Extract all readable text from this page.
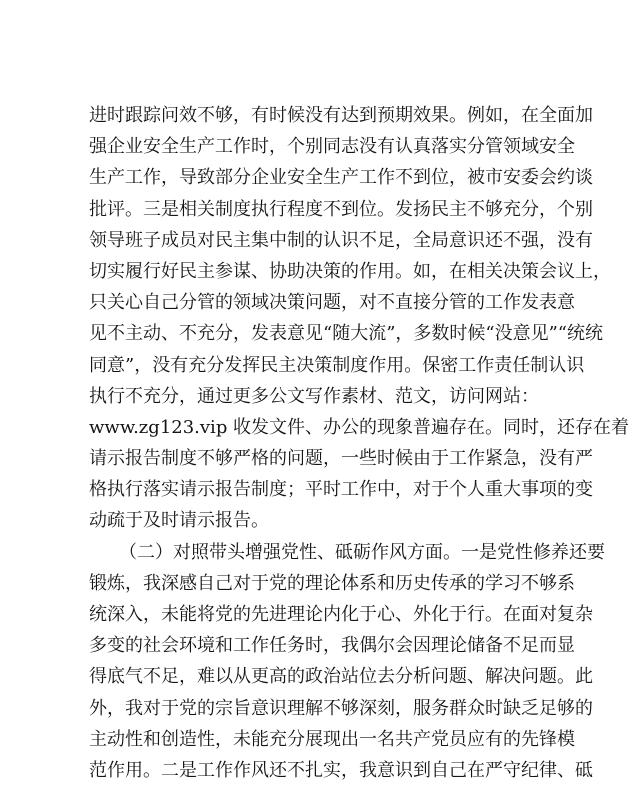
进时跟踪问效不够，有时候没有达到预期效果。例如，在全面加
强企业安全生产工作时，个别同志没有认真落实分管领域安全
生产工作，导致部分企业安全生产工作不到位，被市安委会约谈
批评。三是相关制度执行程度不到位。发扬民主不够充分，个别
领导班子成员对民主集中制的认识不足，全局意识还不强，没有
切实履行好民主参谋、协助决策的作用。如，在相关决策会议上，
只关心自己分管的领域决策问题，对不直接分管的工作发表意
见不主动、不充分，发表意见“随大流”，多数时候“没意见”“统统
同意”，没有充分发挥民主决策制度作用。保密工作责任制认识
执行不充分，通过更多公文写作素材、范文，访问网站：
www.zg123.vip 收发文件、办公的现象普遍存在。同时，还存在着
请示报告制度不够严格的问题，一些时候由于工作紧急，没有严
格执行落实请示报告制度；平时工作中，对于个人重大事项的变
动疏于及时请示报告。
（二）对照带头增强党性、砥砺作风方面。一是党性修养还要
锻炼，我深感自己对于党的理论体系和历史传承的学习不够系
统深入，未能将党的先进理论内化于心、外化于行。在面对复杂
多变的社会环境和工作任务时，我偶尔会因理论储备不足而显
得底气不足，难以从更高的政治站位去分析问题、解决问题。此
外，我对于党的宗旨意识理解不够深刻，服务群众时缺乏足够的
主动性和创造性，未能充分展现出一名共产党员应有的先锋模
范作用。二是工作作风还不扎实，我意识到自己在严守纪律、砥
